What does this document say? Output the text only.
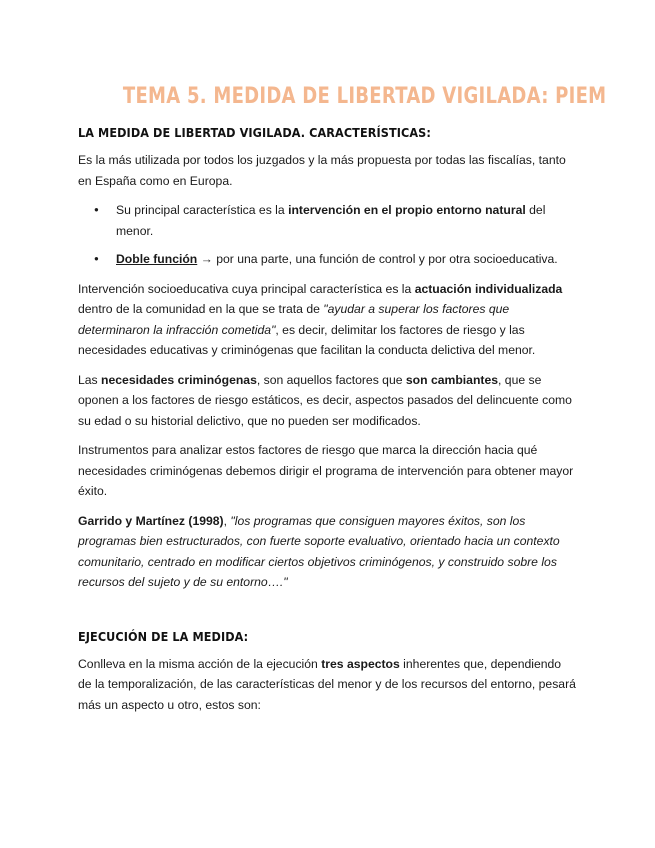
TEMA 5. MEDIDA DE LIBERTAD VIGILADA: PIEM
LA MEDIDA DE LIBERTAD VIGILADA. CARACTERÍSTICAS:

Es la más utilizada por todos los juzgados y la más propuesta por todas las fiscalías, tanto en España como en Europa.

● Su principal característica es la intervención en el propio entorno natural del menor.
● Doble función → por una parte, una función de control y por otra socioeducativa.

Intervención socioeducativa cuya principal característica es la actuación individualizada dentro de la comunidad en la que se trata de "ayudar a superar los factores que determinaron la infracción cometida", es decir, delimitar los factores de riesgo y las necesidades educativas y criminógenas que facilitan la conducta delictiva del menor.

Las necesidades criminógenas, son aquellos factores que son cambiantes, que se oponen a los factores de riesgo estáticos, es decir, aspectos pasados del delincuente como su edad o su historial delictivo, que no pueden ser modificados.

Instrumentos para analizar estos factores de riesgo que marca la dirección hacia qué necesidades criminógenas debemos dirigir el programa de intervención para obtener mayor éxito.

Garrido y Martínez (1998), "los programas que consiguen mayores éxitos, son los programas bien estructurados, con fuerte soporte evaluativo, orientado hacia un contexto comunitario, centrado en modificar ciertos objetivos criminógenos, y construido sobre los recursos del sujeto y de su entorno…."

EJECUCIÓN DE LA MEDIDA:

Conlleva en la misma acción de la ejecución tres aspectos inherentes que, dependiendo de la temporalización, de las características del menor y de los recursos del entorno, pesará más un aspecto u otro, estos son:
